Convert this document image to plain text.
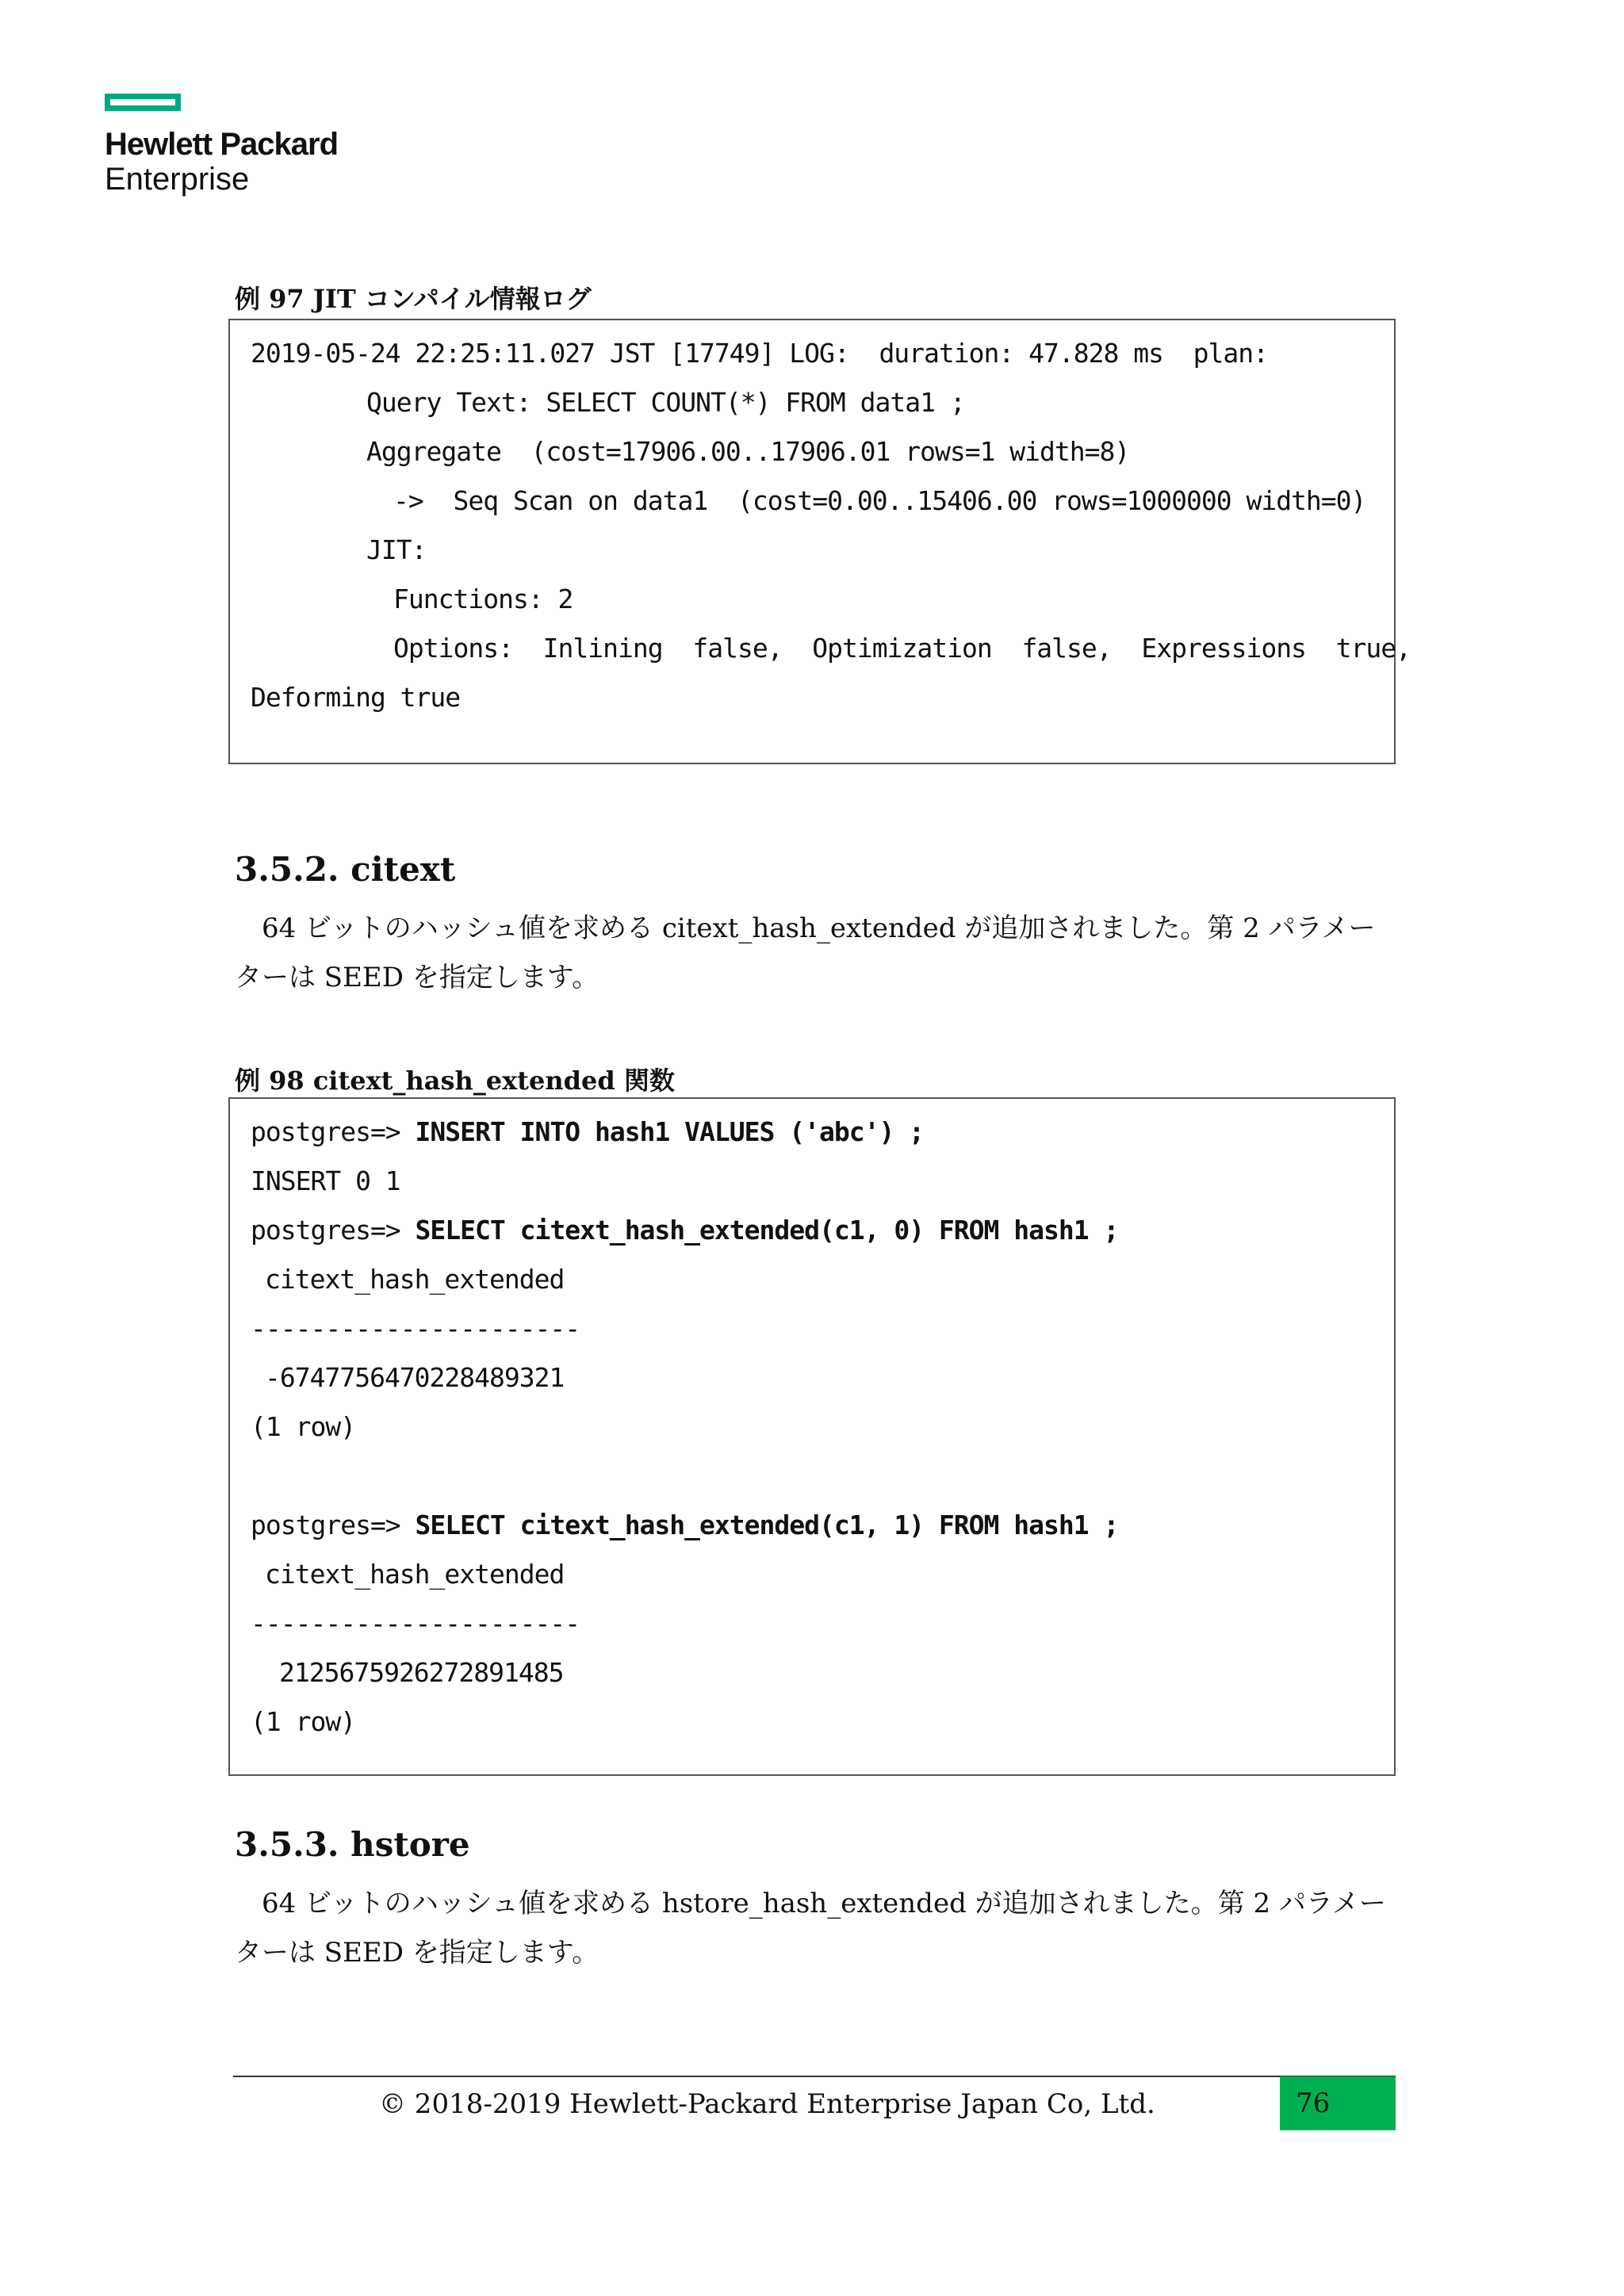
Hewlett Packard
Enterprise
例 97 JIT コンパイル情報ログ
2019-05-24 22:25:11.027 JST [17749] LOG:  duration: 47.828 ms  plan:
Query Text: SELECT COUNT(*) FROM data1 ;
Aggregate  (cost=17906.00..17906.01 rows=1 width=8)
->  Seq Scan on data1  (cost=0.00..15406.00 rows=1000000 width=0)
JIT:
Functions: 2
Options:  Inlining  false,  Optimization  false,  Expressions  true,
Deforming true
3.5.2. citext
64 ビットのハッシュ値を求める citext_hash_extended が追加されました。第 2 パラメーターは SEED を指定します。
例 98 citext_hash_extended 関数
postgres=> INSERT INTO hash1 VALUES ('abc') ;
INSERT 0 1
postgres=> SELECT citext_hash_extended(c1, 0) FROM hash1 ;
citext_hash_extended
----------------------
-6747756470228489321
(1 row)
postgres=> SELECT citext_hash_extended(c1, 1) FROM hash1 ;
citext_hash_extended
----------------------
2125675926272891485
(1 row)
3.5.3. hstore
64 ビットのハッシュ値を求める hstore_hash_extended が追加されました。第 2 パラメーターは SEED を指定します。
© 2018-2019 Hewlett-Packard Enterprise Japan Co, Ltd.	76
